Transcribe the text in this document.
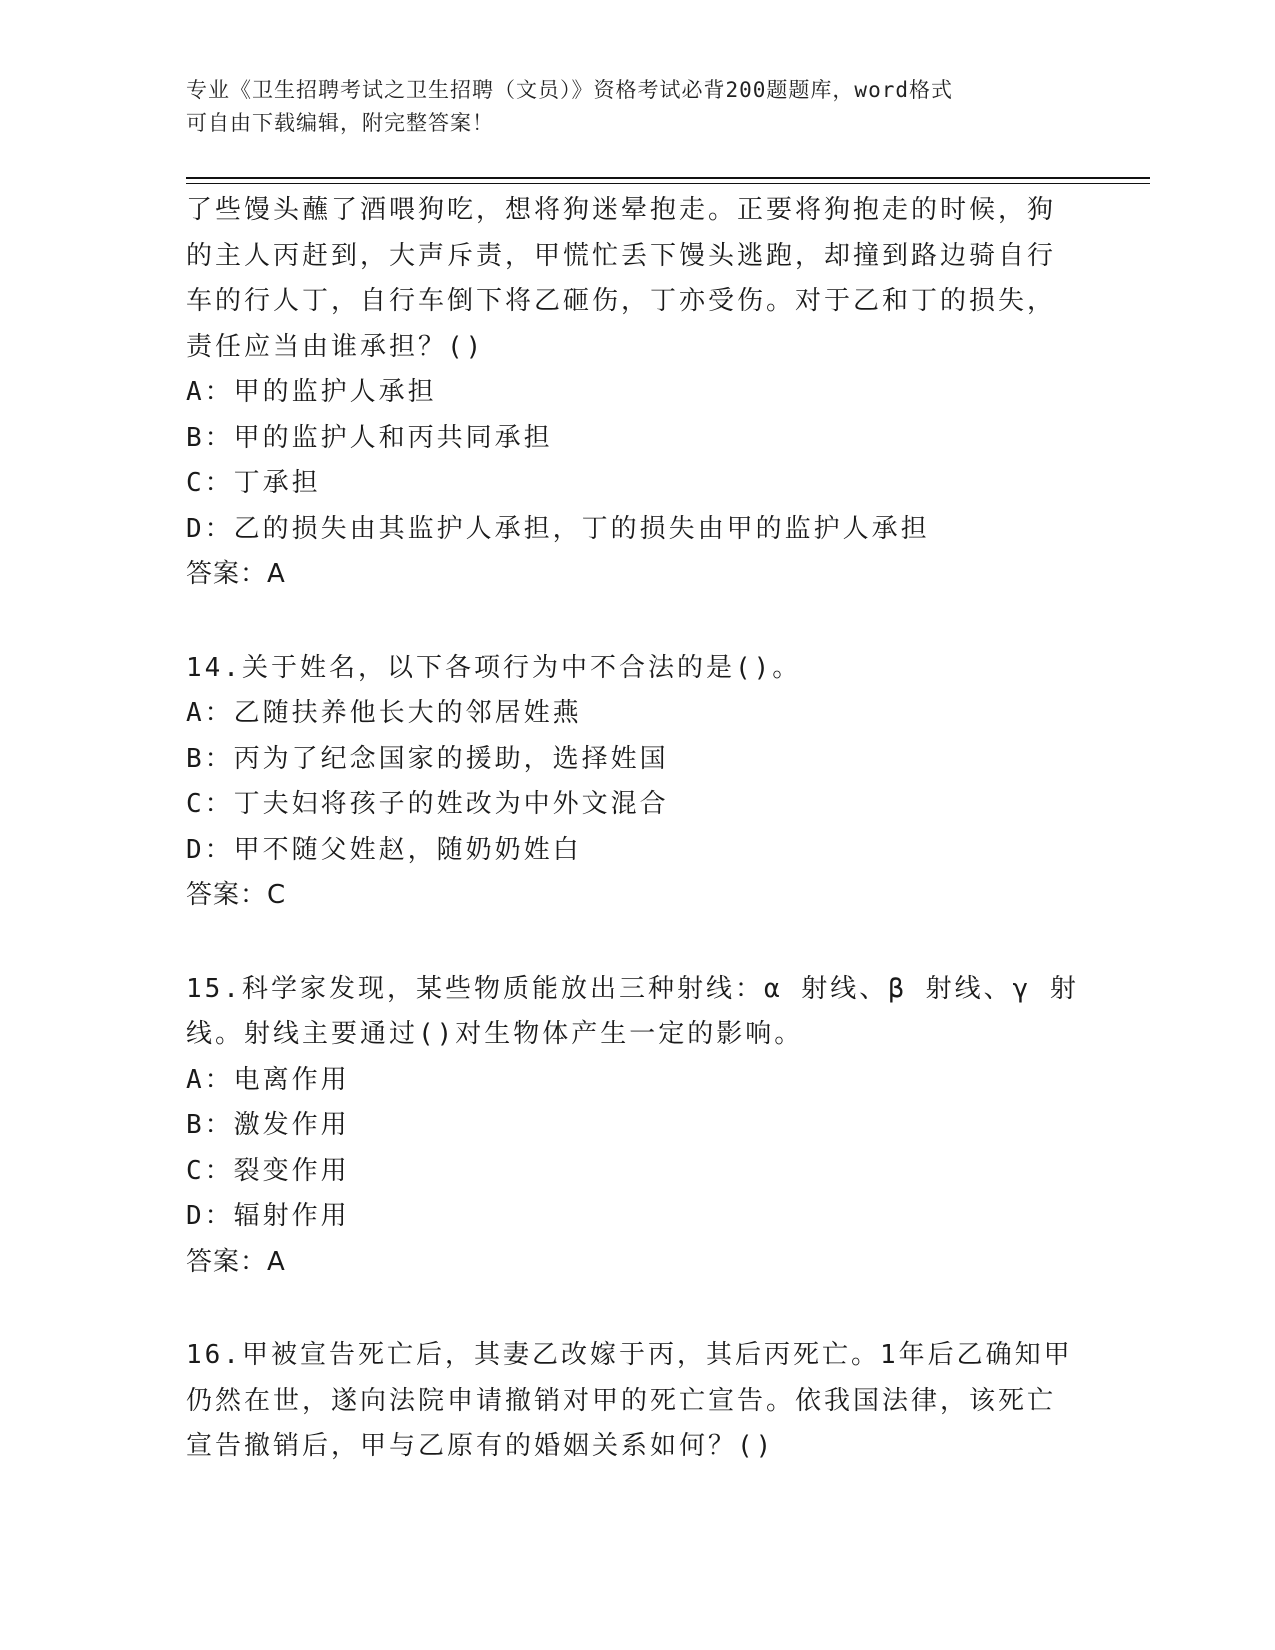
专业《卫生招聘考试之卫生招聘（文员）》资格考试必背200题题库，word格式
可自由下载编辑，附完整答案！
了些馒头蘸了酒喂狗吃，想将狗迷晕抱走。正要将狗抱走的时候，狗
的主人丙赶到，大声斥责，甲慌忙丢下馒头逃跑，却撞到路边骑自行
车的行人丁，自行车倒下将乙砸伤，丁亦受伤。对于乙和丁的损失，
责任应当由谁承担？()
A：甲的监护人承担
B：甲的监护人和丙共同承担
C：丁承担
D：乙的损失由其监护人承担，丁的损失由甲的监护人承担
答案：A
14.关于姓名，以下各项行为中不合法的是()。
A：乙随扶养他长大的邻居姓燕
B：丙为了纪念国家的援助，选择姓国
C：丁夫妇将孩子的姓改为中外文混合
D：甲不随父姓赵，随奶奶姓白
答案：C
15.科学家发现，某些物质能放出三种射线：α 射线、β 射线、γ 射
线。射线主要通过()对生物体产生一定的影响。
A：电离作用
B：激发作用
C：裂变作用
D：辐射作用
答案：A
16.甲被宣告死亡后，其妻乙改嫁于丙，其后丙死亡。1年后乙确知甲
仍然在世，遂向法院申请撤销对甲的死亡宣告。依我国法律，该死亡
宣告撤销后，甲与乙原有的婚姻关系如何？()
